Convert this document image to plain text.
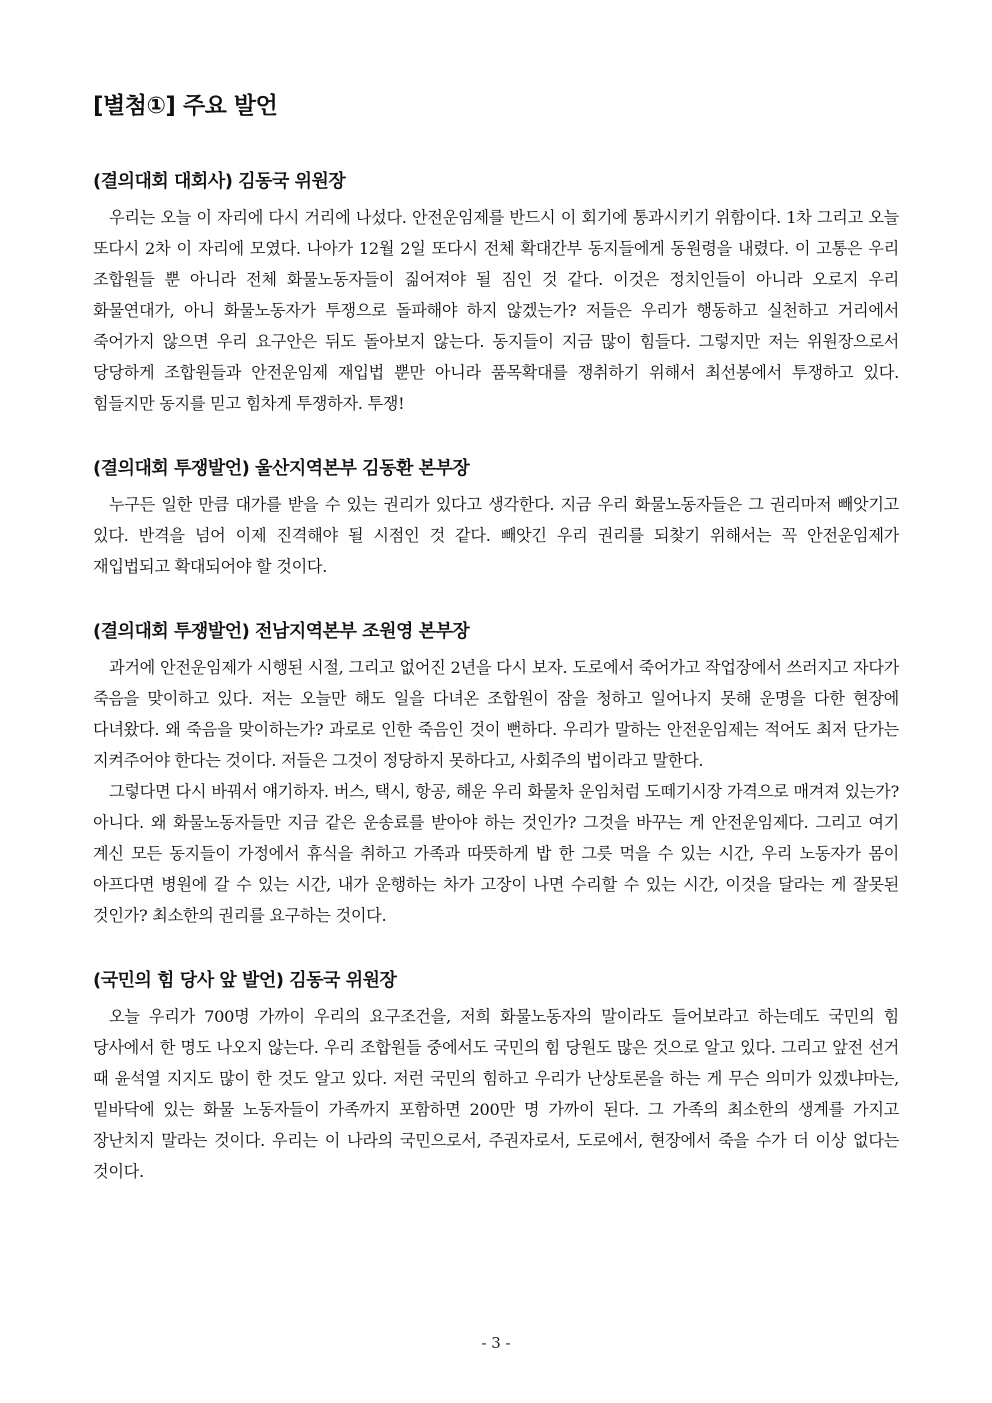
[별첨①] 주요 발언
(결의대회 대회사) 김동국 위원장

우리는 오늘 이 자리에 다시 거리에 나섰다. 안전운임제를 반드시 이 회기에 통과시키기 위함이다. 1차 그리고 오늘 또다시 2차 이 자리에 모였다. 나아가 12월 2일 또다시 전체 확대간부 동지들에게 동원령을 내렸다. 이 고통은 우리 조합원들 뿐 아니라 전체 화물노동자들이 짊어져야 될 짐인 것 같다. 이것은 정치인들이 아니라 오로지 우리 화물연대가, 아니 화물노동자가 투쟁으로 돌파해야 하지 않겠는가? 저들은 우리가 행동하고 실천하고 거리에서 죽어가지 않으면 우리 요구안은 뒤도 돌아보지 않는다. 동지들이 지금 많이 힘들다. 그렇지만 저는 위원장으로서 당당하게 조합원들과 안전운임제 재입법 뿐만 아니라 품목확대를 쟁취하기 위해서 최선봉에서 투쟁하고 있다. 힘들지만 동지를 믿고 힘차게 투쟁하자. 투쟁!

(결의대회 투쟁발언) 울산지역본부 김동환 본부장

누구든 일한 만큼 대가를 받을 수 있는 권리가 있다고 생각한다. 지금 우리 화물노동자들은 그 권리마저 빼앗기고 있다. 반격을 넘어 이제 진격해야 될 시점인 것 같다. 빼앗긴 우리 권리를 되찾기 위해서는 꼭 안전운임제가 재입법되고 확대되어야 할 것이다.

(결의대회 투쟁발언) 전남지역본부 조원영 본부장

과거에 안전운임제가 시행된 시절, 그리고 없어진 2년을 다시 보자. 도로에서 죽어가고 작업장에서 쓰러지고 자다가 죽음을 맞이하고 있다. 저는 오늘만 해도 일을 다녀온 조합원이 잠을 청하고 일어나지 못해 운명을 다한 현장에 다녀왔다. 왜 죽음을 맞이하는가? 과로로 인한 죽음인 것이 뻔하다. 우리가 말하는 안전운임제는 적어도 최저 단가는 지켜주어야 한다는 것이다. 저들은 그것이 정당하지 못하다고, 사회주의 법이라고 말한다.

그렇다면 다시 바꿔서 얘기하자. 버스, 택시, 항공, 해운 우리 화물차 운임처럼 도떼기시장 가격으로 매겨져 있는가? 아니다. 왜 화물노동자들만 지금 같은 운송료를 받아야 하는 것인가? 그것을 바꾸는 게 안전운임제다. 그리고 여기 계신 모든 동지들이 가정에서 휴식을 취하고 가족과 따뜻하게 밥 한 그릇 먹을 수 있는 시간, 우리 노동자가 몸이 아프다면 병원에 갈 수 있는 시간, 내가 운행하는 차가 고장이 나면 수리할 수 있는 시간, 이것을 달라는 게 잘못된 것인가? 최소한의 권리를 요구하는 것이다.

(국민의 힘 당사 앞 발언) 김동국 위원장

오늘 우리가 700명 가까이 우리의 요구조건을, 저희 화물노동자의 말이라도 들어보라고 하는데도 국민의 힘 당사에서 한 명도 나오지 않는다. 우리 조합원들 중에서도 국민의 힘 당원도 많은 것으로 알고 있다. 그리고 앞전 선거 때 윤석열 지지도 많이 한 것도 알고 있다. 저런 국민의 힘하고 우리가 난상토론을 하는 게 무슨 의미가 있겠냐마는, 밑바닥에 있는 화물 노동자들이 가족까지 포함하면 200만 명 가까이 된다. 그 가족의 최소한의 생계를 가지고 장난치지 말라는 것이다. 우리는 이 나라의 국민으로서, 주권자로서, 도로에서, 현장에서 죽을 수가 더 이상 없다는 것이다.

- 3 -
